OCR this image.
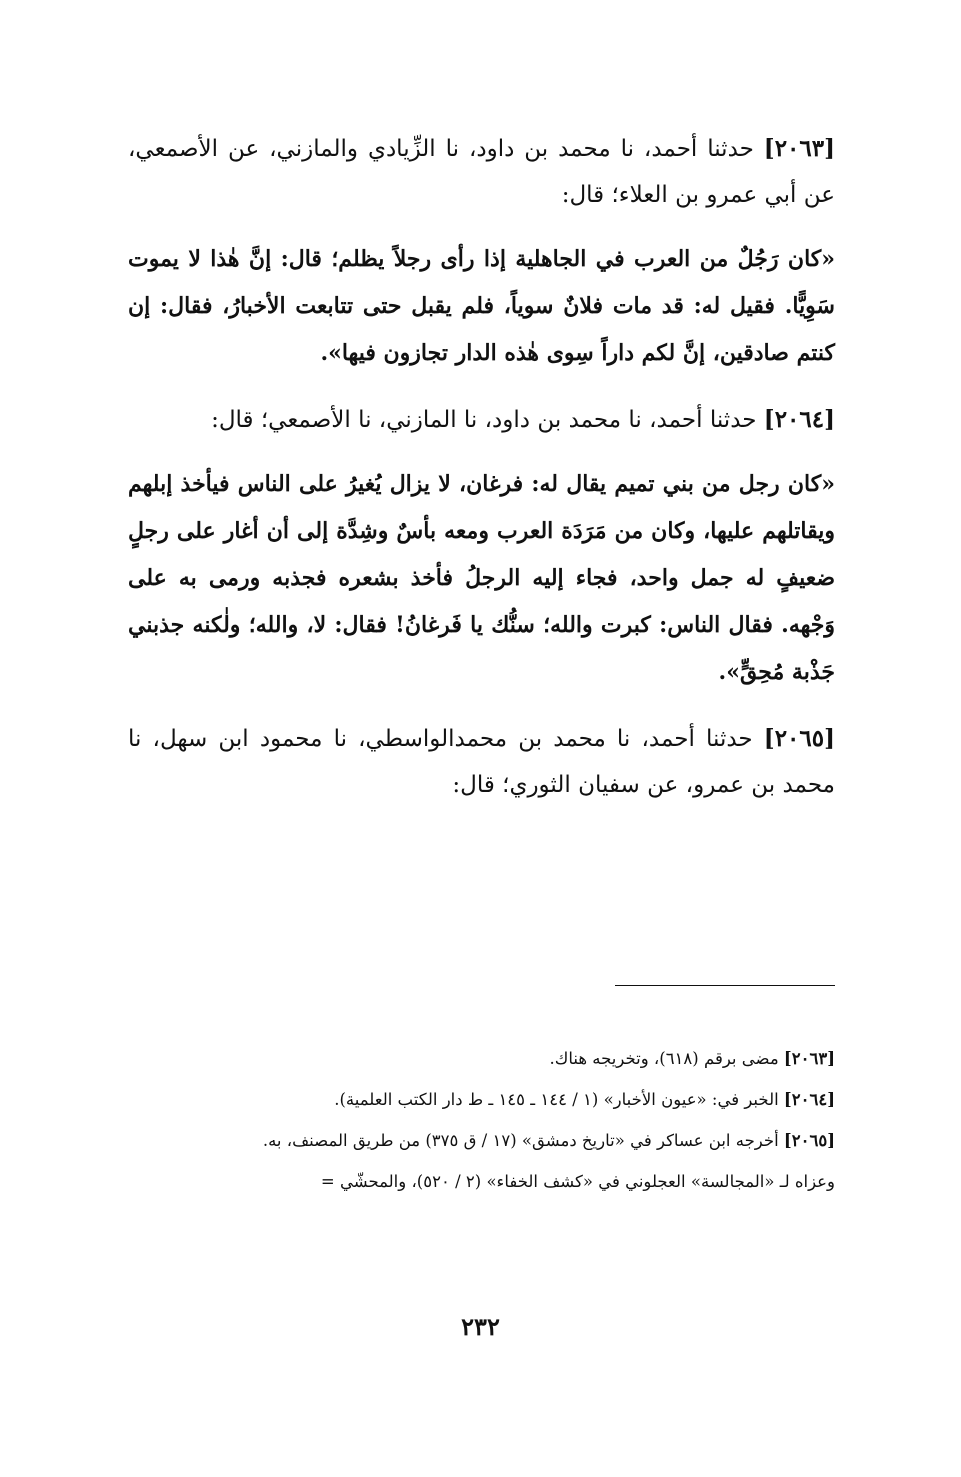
[٢٠٦٣] حدثنا أحمد، نا محمد بن داود، نا الزِّيادي والمازني، عن الأصمعي، عن أبي عمرو بن العلاء؛ قال:

«كان رَجُلٌ من العرب في الجاهلية إذا رأى رجلاً يظلم؛ قال: إنَّ هٰذا لا يموت سَوِيًّا. فقيل له: قد مات فلانٌ سوياً، فلم يقبل حتى تتابعت الأخبارُ، فقال: إن كنتم صادقين، إنَّ لكم داراً سِوى هٰذه الدار تجازون فيها».

[٢٠٦٤] حدثنا أحمد، نا محمد بن داود، نا المازني، نا الأصمعي؛ قال:

«كان رجل من بني تميم يقال له: فرغان، لا يزال يُغيرُ على الناس فيأخذ إبلهم ويقاتلهم عليها، وكان من مَرَدَة العرب ومعه بأسٌ وشِدَّة إلى أن أغار على رجلٍ ضعيفٍ له جمل واحد، فجاء إليه الرجلُ فأخذ بشعره فجذبه ورمى به على وَجْهه. فقال الناس: كبرت والله؛ سنُّك يا فَرغانُ! فقال: لا، والله؛ ولٰكنه جذبني جَذْبة مُحِقٍّ».

[٢٠٦٥] حدثنا أحمد، نا محمد بن محمدالواسطي، نا محمود ابن سهل، نا محمد بن عمرو، عن سفيان الثوري؛ قال:

[٢٠٦٣] مضى برقم (٦١٨)، وتخريجه هناك.

[٢٠٦٤] الخبر في: «عيون الأخبار» (١ / ١٤٤ ـ ١٤٥ ـ ط دار الكتب العلمية).

[٢٠٦٥] أخرجه ابن عساكر في «تاريخ دمشق» (١٧ / ق ٣٧٥) من طريق المصنف، به.

وعزاه لـ «المجالسة» العجلوني في «كشف الخفاء» (٢ / ٥٢٠)، والمحشّي =

٢٣٢
